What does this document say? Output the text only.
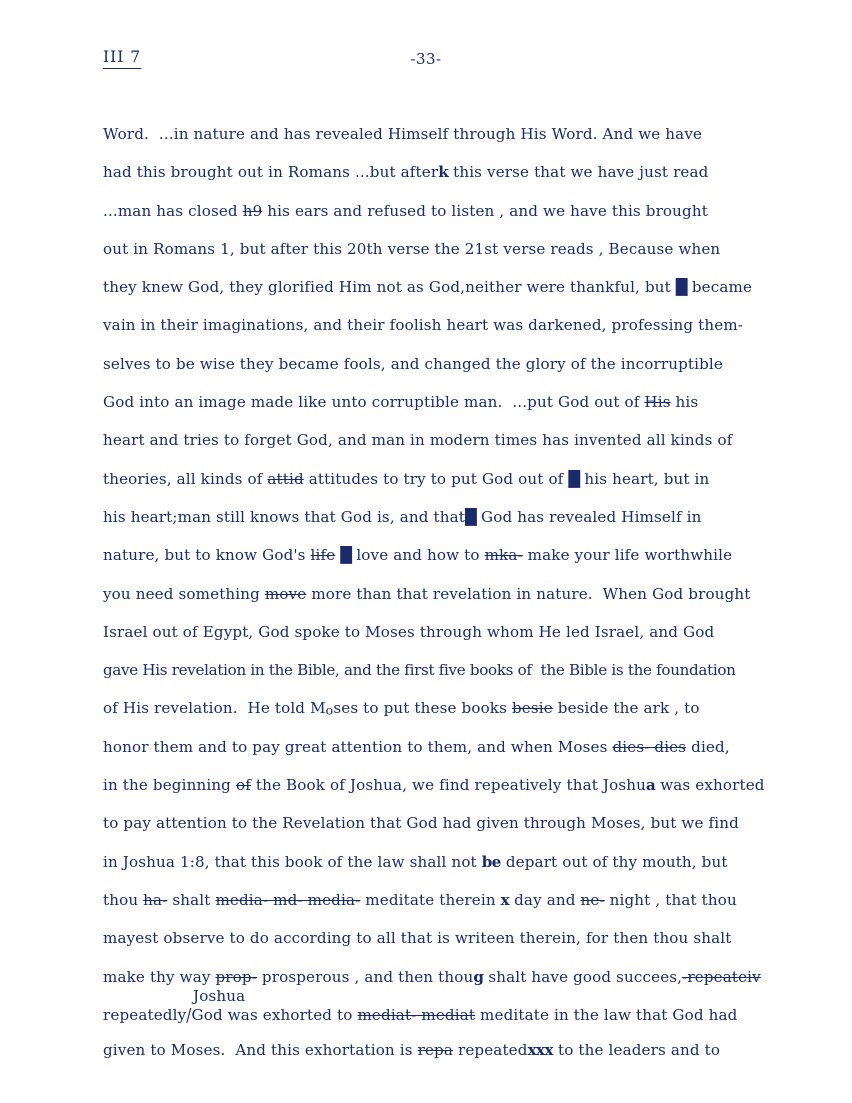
III 7	-33-
Word.  ...in nature and has revealed Himself through His Word. And we have
had this brought out in Romans ...but afterk this verse that we have just read
...man has closed h9 his ears and refused to listen , and we have this brought
out in Romans 1, but after this 20th verse the 21st verse reads , Because when
they knew God, they glorified Him not as God,neither were thankful, but █ became
vain in their imaginations, and their foolish heart was darkened, professing them-
selves to be wise they became fools, and changed the glory of the incorruptible
God into an image made like unto corruptible man.  ...put God out of His his
heart and tries to forget God, and man in modern times has invented all kinds of
theories, all kinds of attid attitudes to try to put God out of █ his heart, but in
his heart;man still knows that God is, and that█ God has revealed Himself in
nature, but to know God's life █ love and how to mka- make your life worthwhile
you need something move more than that revelation in nature.  When God brought
Israel out of Egypt, God spoke to Moses through whom He led Israel, and God
gave His revelation in the Bible, and the first five books of  the Bible is the foundation
of His revelation.  He told Moses to put these books besie beside the ark , to
honor them and to pay great attention to them, and when Moses dies- dies died,
in the beginning of the Book of Joshua, we find repeatively that Joshua was exhorted
to pay attention to the Revelation that God had given through Moses, but we find
in Joshua 1:8, that this book of the law shall not be depart out of thy mouth, but
thou ha- shalt media- md- media- meditate therein x day and ne- night , that thou
mayest observe to do according to all that is writeen therein, for then thou shalt
make thy way prop- prosperous , and then thoug shalt have good succees,-repeateiv
Joshua
repeatedly/God was exhorted to mediat- mediat meditate in the law that God had
given to Moses.  And this exhortation is repa repeatedxxx to the leaders and to
